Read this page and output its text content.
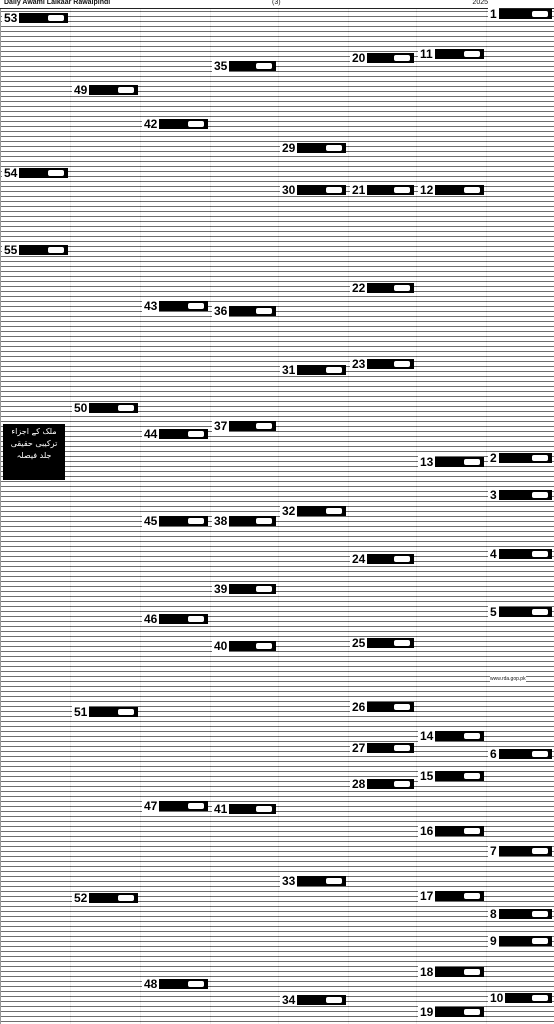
Daily Awami Lalkaar Rawalpindi	(3)	2025
1
2
3
4
5
6
7
8
9
10
11
12
13
14
15
16
17
18
19
20
21
22
23
24
25
26
27
28
29
30
31
32
33
34
35
36
37
38
39
40
41
42
43
44
45
46
47
48
49
50
51
52
53
54
55
ملک کے اجزاء ترکیبی حقیقی جلد فیصلہ
www.rda.gop.pk
